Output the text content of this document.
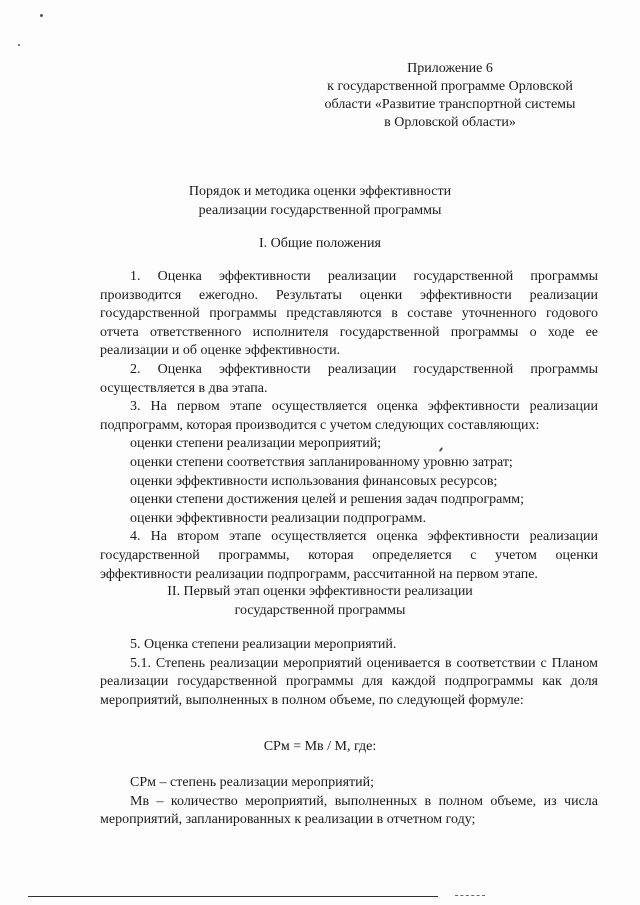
Приложение 6
к государственной программе Орловской
области «Развитие транспортной системы
в Орловской области»
Порядок и методика оценки эффективности
реализации государственной программы
I. Общие положения

1. Оценка эффективности реализации государственной программы производится ежегодно. Результаты оценки эффективности реализации государственной программы представляются в составе уточненного годового отчета ответственного исполнителя государственной программы о ходе ее реализации и об оценке эффективности.

2. Оценка эффективности реализации государственной программы осуществляется в два этапа.

3. На первом этапе осуществляется оценка эффективности реализации подпрограмм, которая производится с учетом следующих составляющих:

оценки степени реализации мероприятий;

оценки степени соответствия запланированному уровню затрат;

оценки эффективности использования финансовых ресурсов;

оценки степени достижения целей и решения задач подпрограмм;

оценки эффективности реализации подпрограмм.

4. На втором этапе осуществляется оценка эффективности реализации государственной программы, которая определяется с учетом оценки эффективности реализации подпрограмм, рассчитанной на первом этапе.

II. Первый этап оценки эффективности реализации
государственной программы

5. Оценка степени реализации мероприятий.

5.1. Степень реализации мероприятий оценивается в соответствии с Планом реализации государственной программы для каждой подпрограммы как доля мероприятий, выполненных в полном объеме, по следующей формуле:

СРм = Мв / М, где:

СРм – степень реализации мероприятий;

Мв – количество мероприятий, выполненных в полном объеме, из числа мероприятий, запланированных к реализации в отчетном году;
